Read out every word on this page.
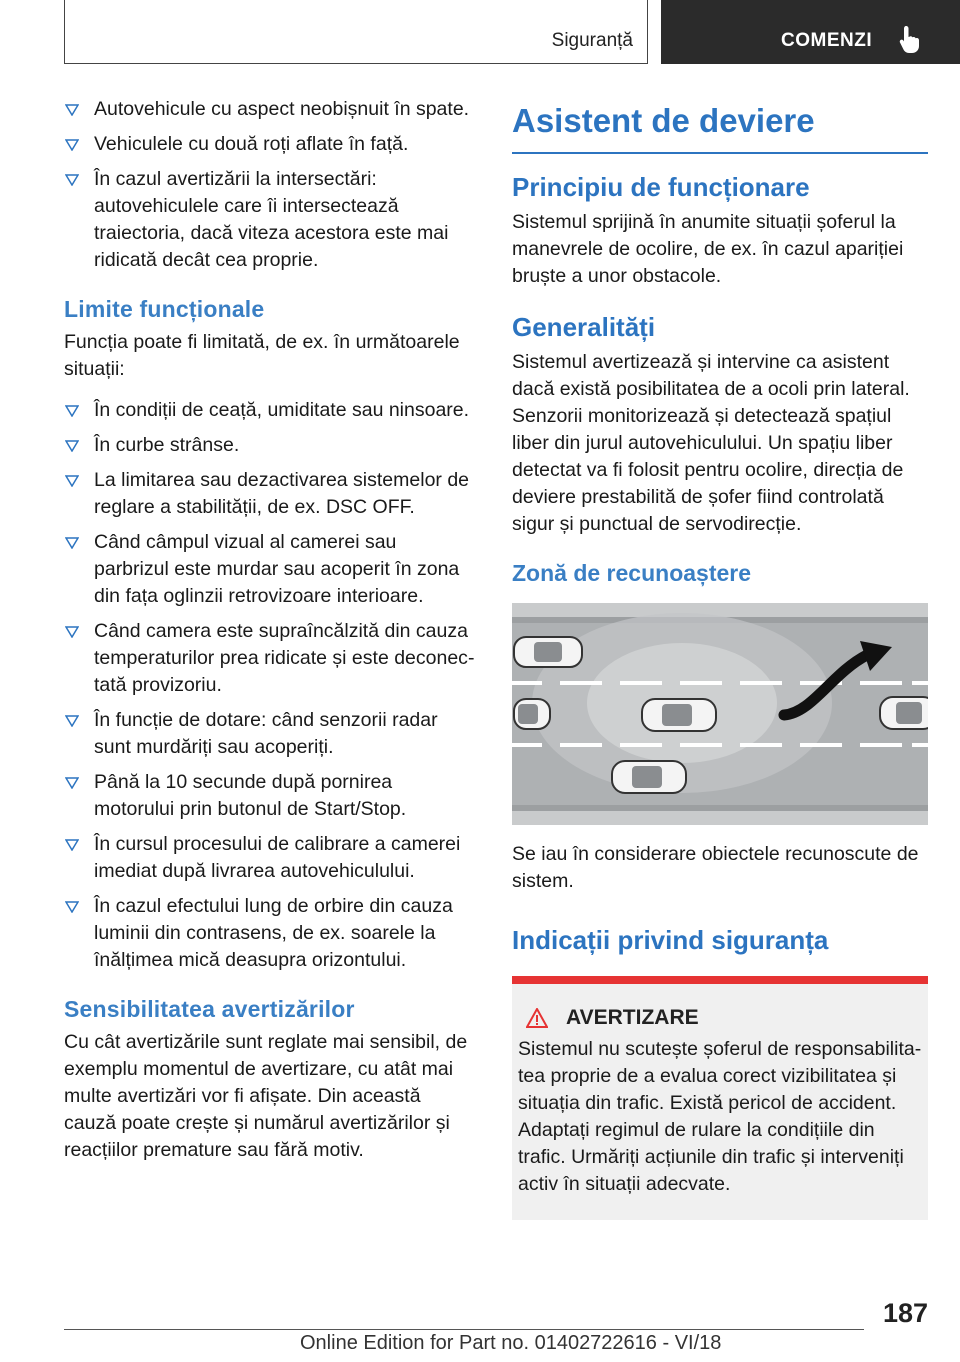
Siguranță	COMENZI
Autovehicule cu aspect neobișnuit în spate.
Vehiculele cu două roți aflate în față.
În cazul avertizării la intersectări: autovehiculele care îi intersectează traiectoria, dacă viteza acestora este mai ridicată decât cea proprie.
Limite funcționale

Funcția poate fi limitată, de ex. în următoarele situații:

În condiții de ceață, umiditate sau ninsoare.
În curbe strânse.
La limitarea sau dezactivarea sistemelor de reglare a stabilității, de ex. DSC OFF.
Când câmpul vizual al camerei sau parbrizul este murdar sau acoperit în zona din fața oglinzii retrovizoare interioare.
Când camera este supraîncălzită din cauza temperaturilor prea ridicate și este deconectată provizoriu.
În funcție de dotare: când senzorii radar sunt murdăriți sau acoperiți.
Până la 10 secunde după pornirea motorului prin butonul de Start/Stop.
În cursul procesului de calibrare a camerei imediat după livrarea autovehiculului.
În cazul efectului lung de orbire din cauza luminii din contrasens, de ex. soarele la înălțimea mică deasupra orizontului.
Sensibilitatea avertizărilor

Cu cât avertizările sunt reglate mai sensibil, de exemplu momentul de avertizare, cu atât mai multe avertizări vor fi afișate. Din această cauză poate crește și numărul avertizărilor și reacțiilor premature sau fără motiv.

Asistent de deviere
Principiu de funcționare

Sistemul sprijină în anumite situații șoferul la manevrele de ocolire, de ex. în cazul apariției bruște a unor obstacole.

Generalități

Sistemul avertizează și intervine ca asistent dacă există posibilitatea de a ocoli prin lateral. Senzorii monitorizează și detectează spațiul liber din jurul autovehiculului. Un spațiu liber detectat va fi folosit pentru ocolire, direcția de deviere prestabilită de șofer fiind controlată sigur și punctual de servodirecție.

Zonă de recunoaștere

Se iau în considerare obiectele recunoscute de sistem.

Indicații privind siguranța
AVERTIZARE

Sistemul nu scutește șoferul de responsabilitatea proprie de a evalua corect vizibilitatea și situația din trafic. Există pericol de accident. Adaptați regimul de rulare la condițiile din trafic. Urmăriți acțiunile din trafic și interveniți activ în situații adecvate.

187
Online Edition for Part no. 01402722616 - VI/18
